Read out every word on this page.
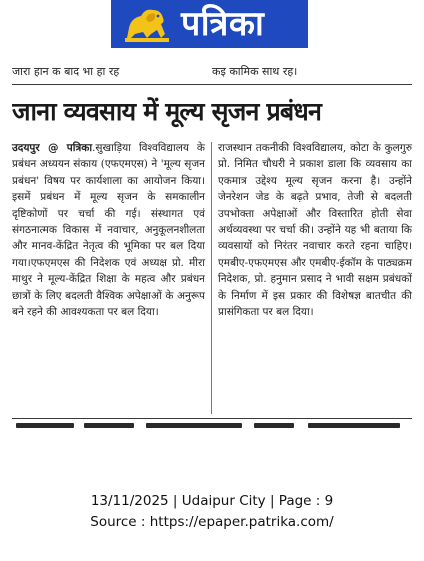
पत्रिका
जारा हान क बाद भा हा रह	कइ कामिक साथ रह।
जाना व्यवसाय में मूल्य सृजन प्रबंधन
उदयपुर @ पत्रिका.सुखाड़िया विश्वविद्यालय के प्रबंधन अध्ययन संकाय (एफएमएस) ने 'मूल्य सृजन प्रबंधन' विषय पर कार्यशाला का आयोजन किया। इसमें प्रबंधन में मूल्य सृजन के समकालीन दृष्टिकोणों पर चर्चा की गई। संस्थागत एवं संगठनात्मक विकास में नवाचार, अनुकूलनशीलता और मानव-केंद्रित नेतृत्व की भूमिका पर बल दिया गया।एफएमएस की निदेशक एवं अध्यक्ष प्रो. मीरा माथुर ने मूल्य-केंद्रित शिक्षा के महत्व और प्रबंधन छात्रों के लिए बदलती वैश्विक अपेक्षाओं के अनुरूप बने रहने की आवश्यकता पर बल दिया।
राजस्थान तकनीकी विश्वविद्यालय, कोटा के कुलगुरु प्रो. निमित चौधरी ने प्रकाश डाला कि व्यवसाय का एकमात्र उद्देश्य मूल्य सृजन करना है। उन्होंने जेनरेशन जेड के बढ़ते प्रभाव, तेजी से बदलती उपभोक्ता अपेक्षाओं और विस्तारित होती सेवा अर्थव्यवस्था पर चर्चा की। उन्होंने यह भी बताया कि व्यवसायों को निरंतर नवाचार करते रहना चाहिए। एमबीए-एफएमएस और एमबीए-ईकॉम के पाठ्यक्रम निदेशक, प्रो. हनुमान प्रसाद ने भावी सक्षम प्रबंधकों के निर्माण में इस प्रकार की विशेषज्ञ बातचीत की प्रासंगिकता पर बल दिया।
13/11/2025 | Udaipur City | Page : 9
Source : https://epaper.patrika.com/
